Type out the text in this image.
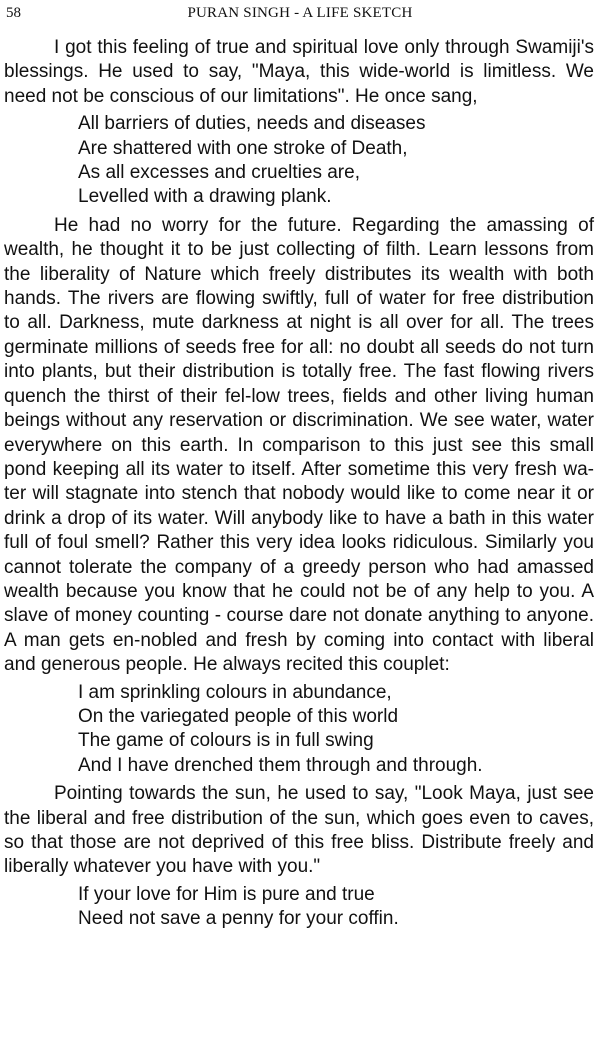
58	PURAN SINGH - A LIFE SKETCH

I got this feeling of true and spiritual love only through Swamiji's blessings. He used to say, "Maya, this wide-world is limitless. We need not be conscious of our limitations". He once sang,

All barriers of duties, needs and diseases
Are shattered with one stroke of Death,
As all excesses and cruelties are,
Levelled with a drawing plank.

He had no worry for the future. Regarding the amassing of wealth, he thought it to be just collecting of filth. Learn lessons from the liberality of Nature which freely distributes its wealth with both hands. The rivers are flowing swiftly, full of water for free distribution to all. Darkness, mute darkness at night is all over for all. The trees germinate millions of seeds free for all: no doubt all seeds do not turn into plants, but their distribution is totally free. The fast flowing rivers quench the thirst of their fel-low trees, fields and other living human beings without any reservation or discrimination. We see water, water everywhere on this earth. In comparison to this just see this small pond keeping all its water to itself. After sometime this very fresh wa-ter will stagnate into stench that nobody would like to come near it or drink a drop of its water. Will anybody like to have a bath in this water full of foul smell? Rather this very idea looks ridiculous. Similarly you cannot tolerate the company of a greedy person who had amassed wealth because you know that he could not be of any help to you. A slave of money counting - course dare not donate anything to anyone. A man gets en-nobled and fresh by coming into contact with liberal and generous people. He always recited this couplet:

I am sprinkling colours in abundance,
On the variegated people of this world
The game of colours is in full swing
And I have drenched them through and through.

Pointing towards the sun, he used to say, "Look Maya, just see the liberal and free distribution of the sun, which goes even to caves, so that those are not deprived of this free bliss. Distribute freely and liberally whatever you have with you."

If your love for Him is pure and true
Need not save a penny for your coffin.
